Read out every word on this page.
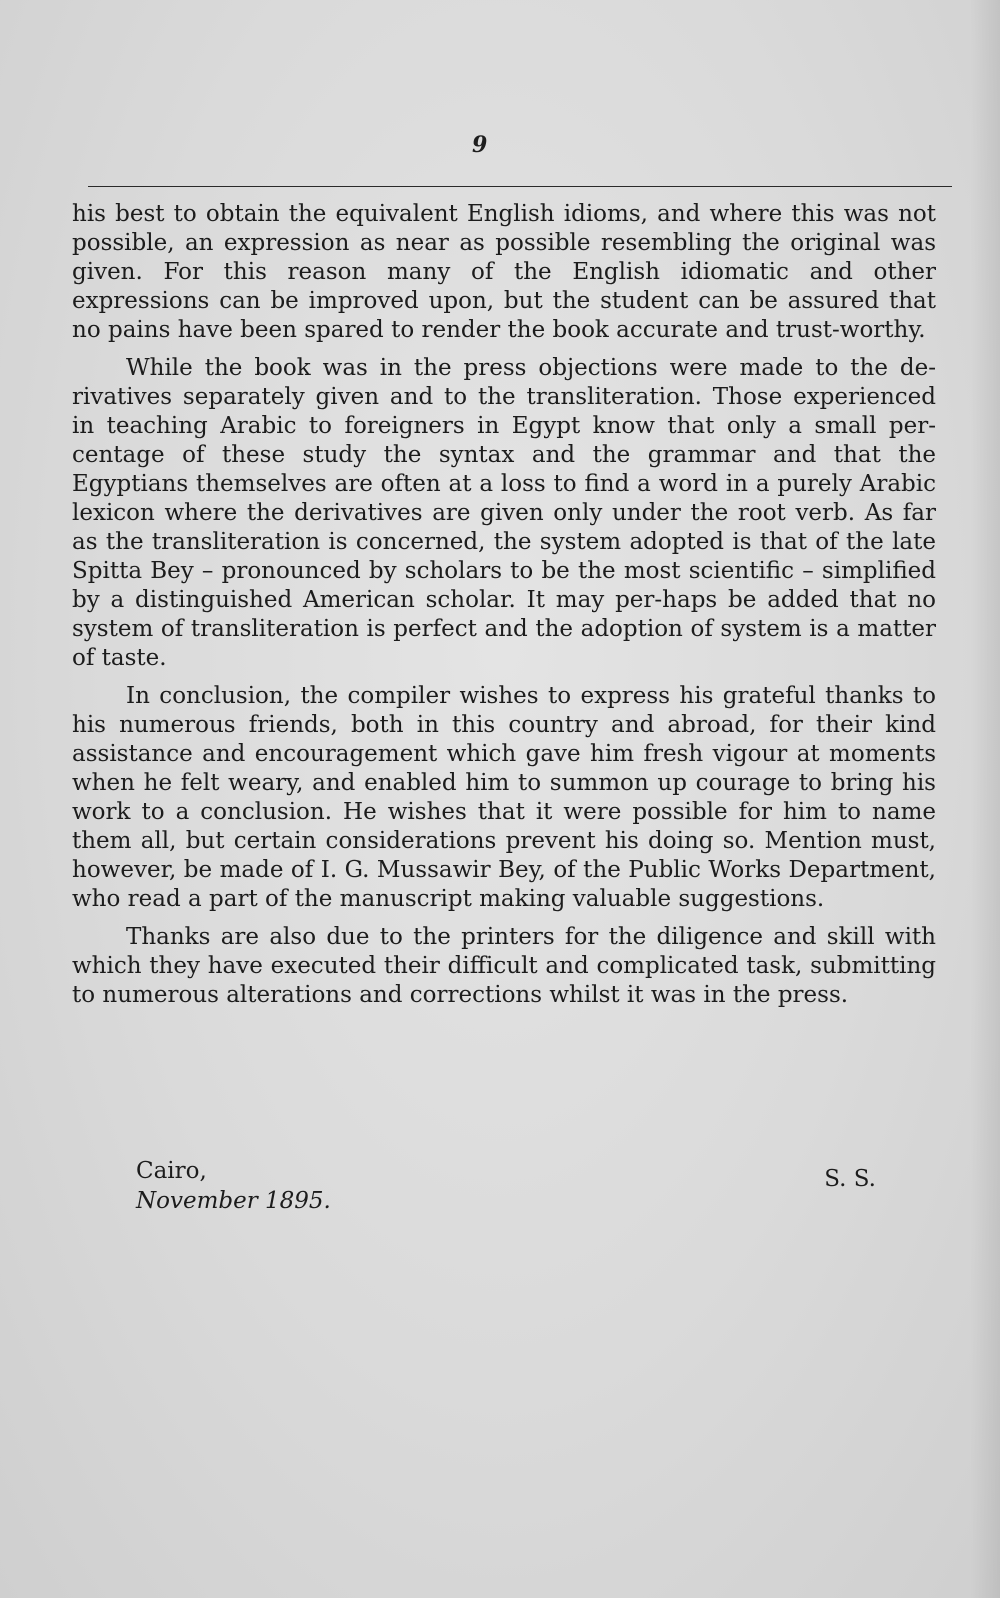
9

his best to obtain the equivalent English idioms, and where this was not possible, an expression as near as possible resembling the original was given. For this reason many of the English idiomatic and other expressions can be improved upon, but the student can be assured that no pains have been spared to render the book accurate and trust-worthy.

While the book was in the press objections were made to the de-rivatives separately given and to the transliteration. Those experienced in teaching Arabic to foreigners in Egypt know that only a small per-centage of these study the syntax and the grammar and that the Egyptians themselves are often at a loss to find a word in a purely Arabic lexicon where the derivatives are given only under the root verb. As far as the transliteration is concerned, the system adopted is that of the late Spitta Bey – pronounced by scholars to be the most scientific – simplified by a distinguished American scholar. It may per-haps be added that no system of transliteration is perfect and the adoption of system is a matter of taste.

In conclusion, the compiler wishes to express his grateful thanks to his numerous friends, both in this country and abroad, for their kind assistance and encouragement which gave him fresh vigour at moments when he felt weary, and enabled him to summon up courage to bring his work to a conclusion. He wishes that it were possible for him to name them all, but certain considerations prevent his doing so. Mention must, however, be made of I. G. Mussawir Bey, of the Public Works Department, who read a part of the manuscript making valuable suggestions.

Thanks are also due to the printers for the diligence and skill with which they have executed their difficult and complicated task, submitting to numerous alterations and corrections whilst it was in the press.

Cairo,
November 1895.
S. S.
